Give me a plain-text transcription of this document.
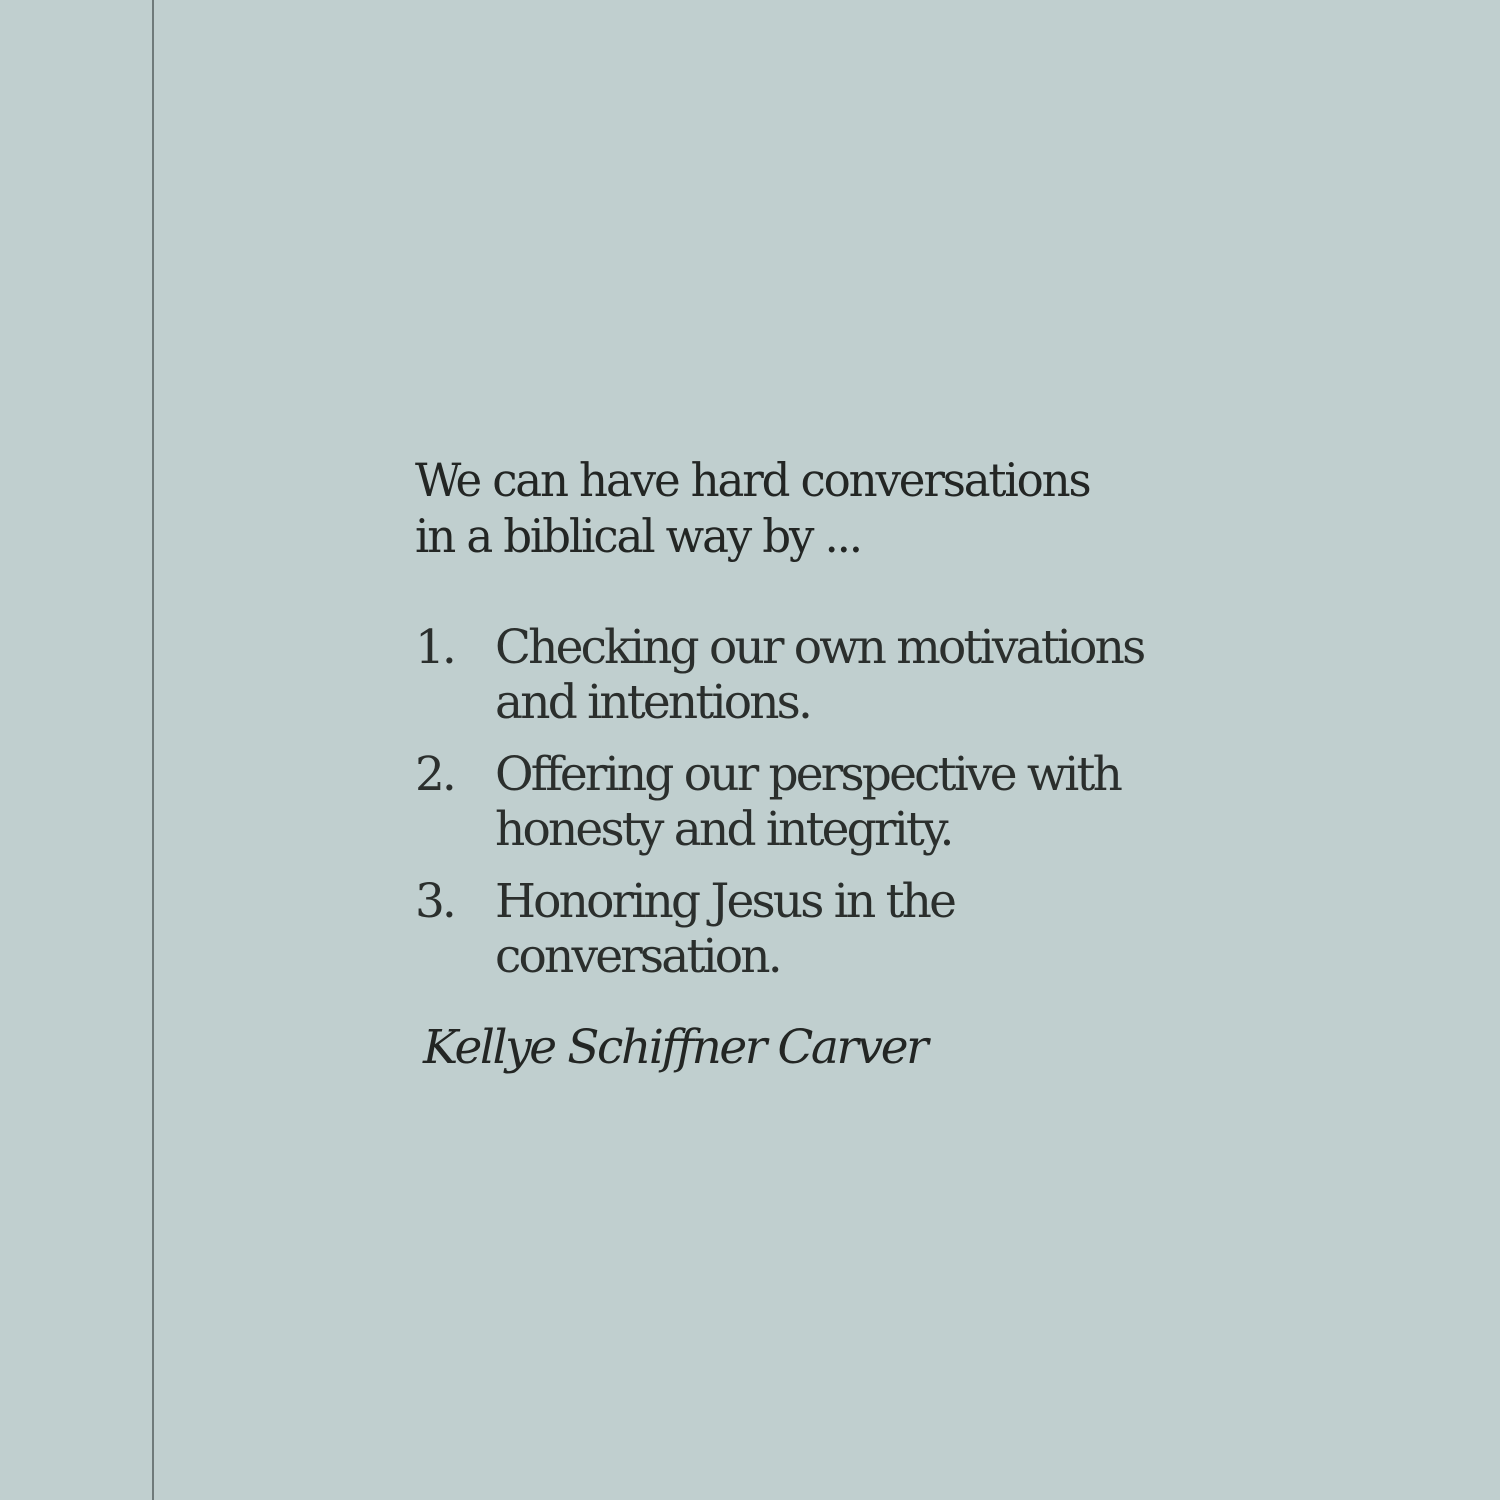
We can have hard conversations
in a biblical way by ...
1. Checking our own motivations
and intentions.
2. Offering our perspective with
honesty and integrity.
3. Honoring Jesus in the
conversation.
Kellye Schiffner Carver
